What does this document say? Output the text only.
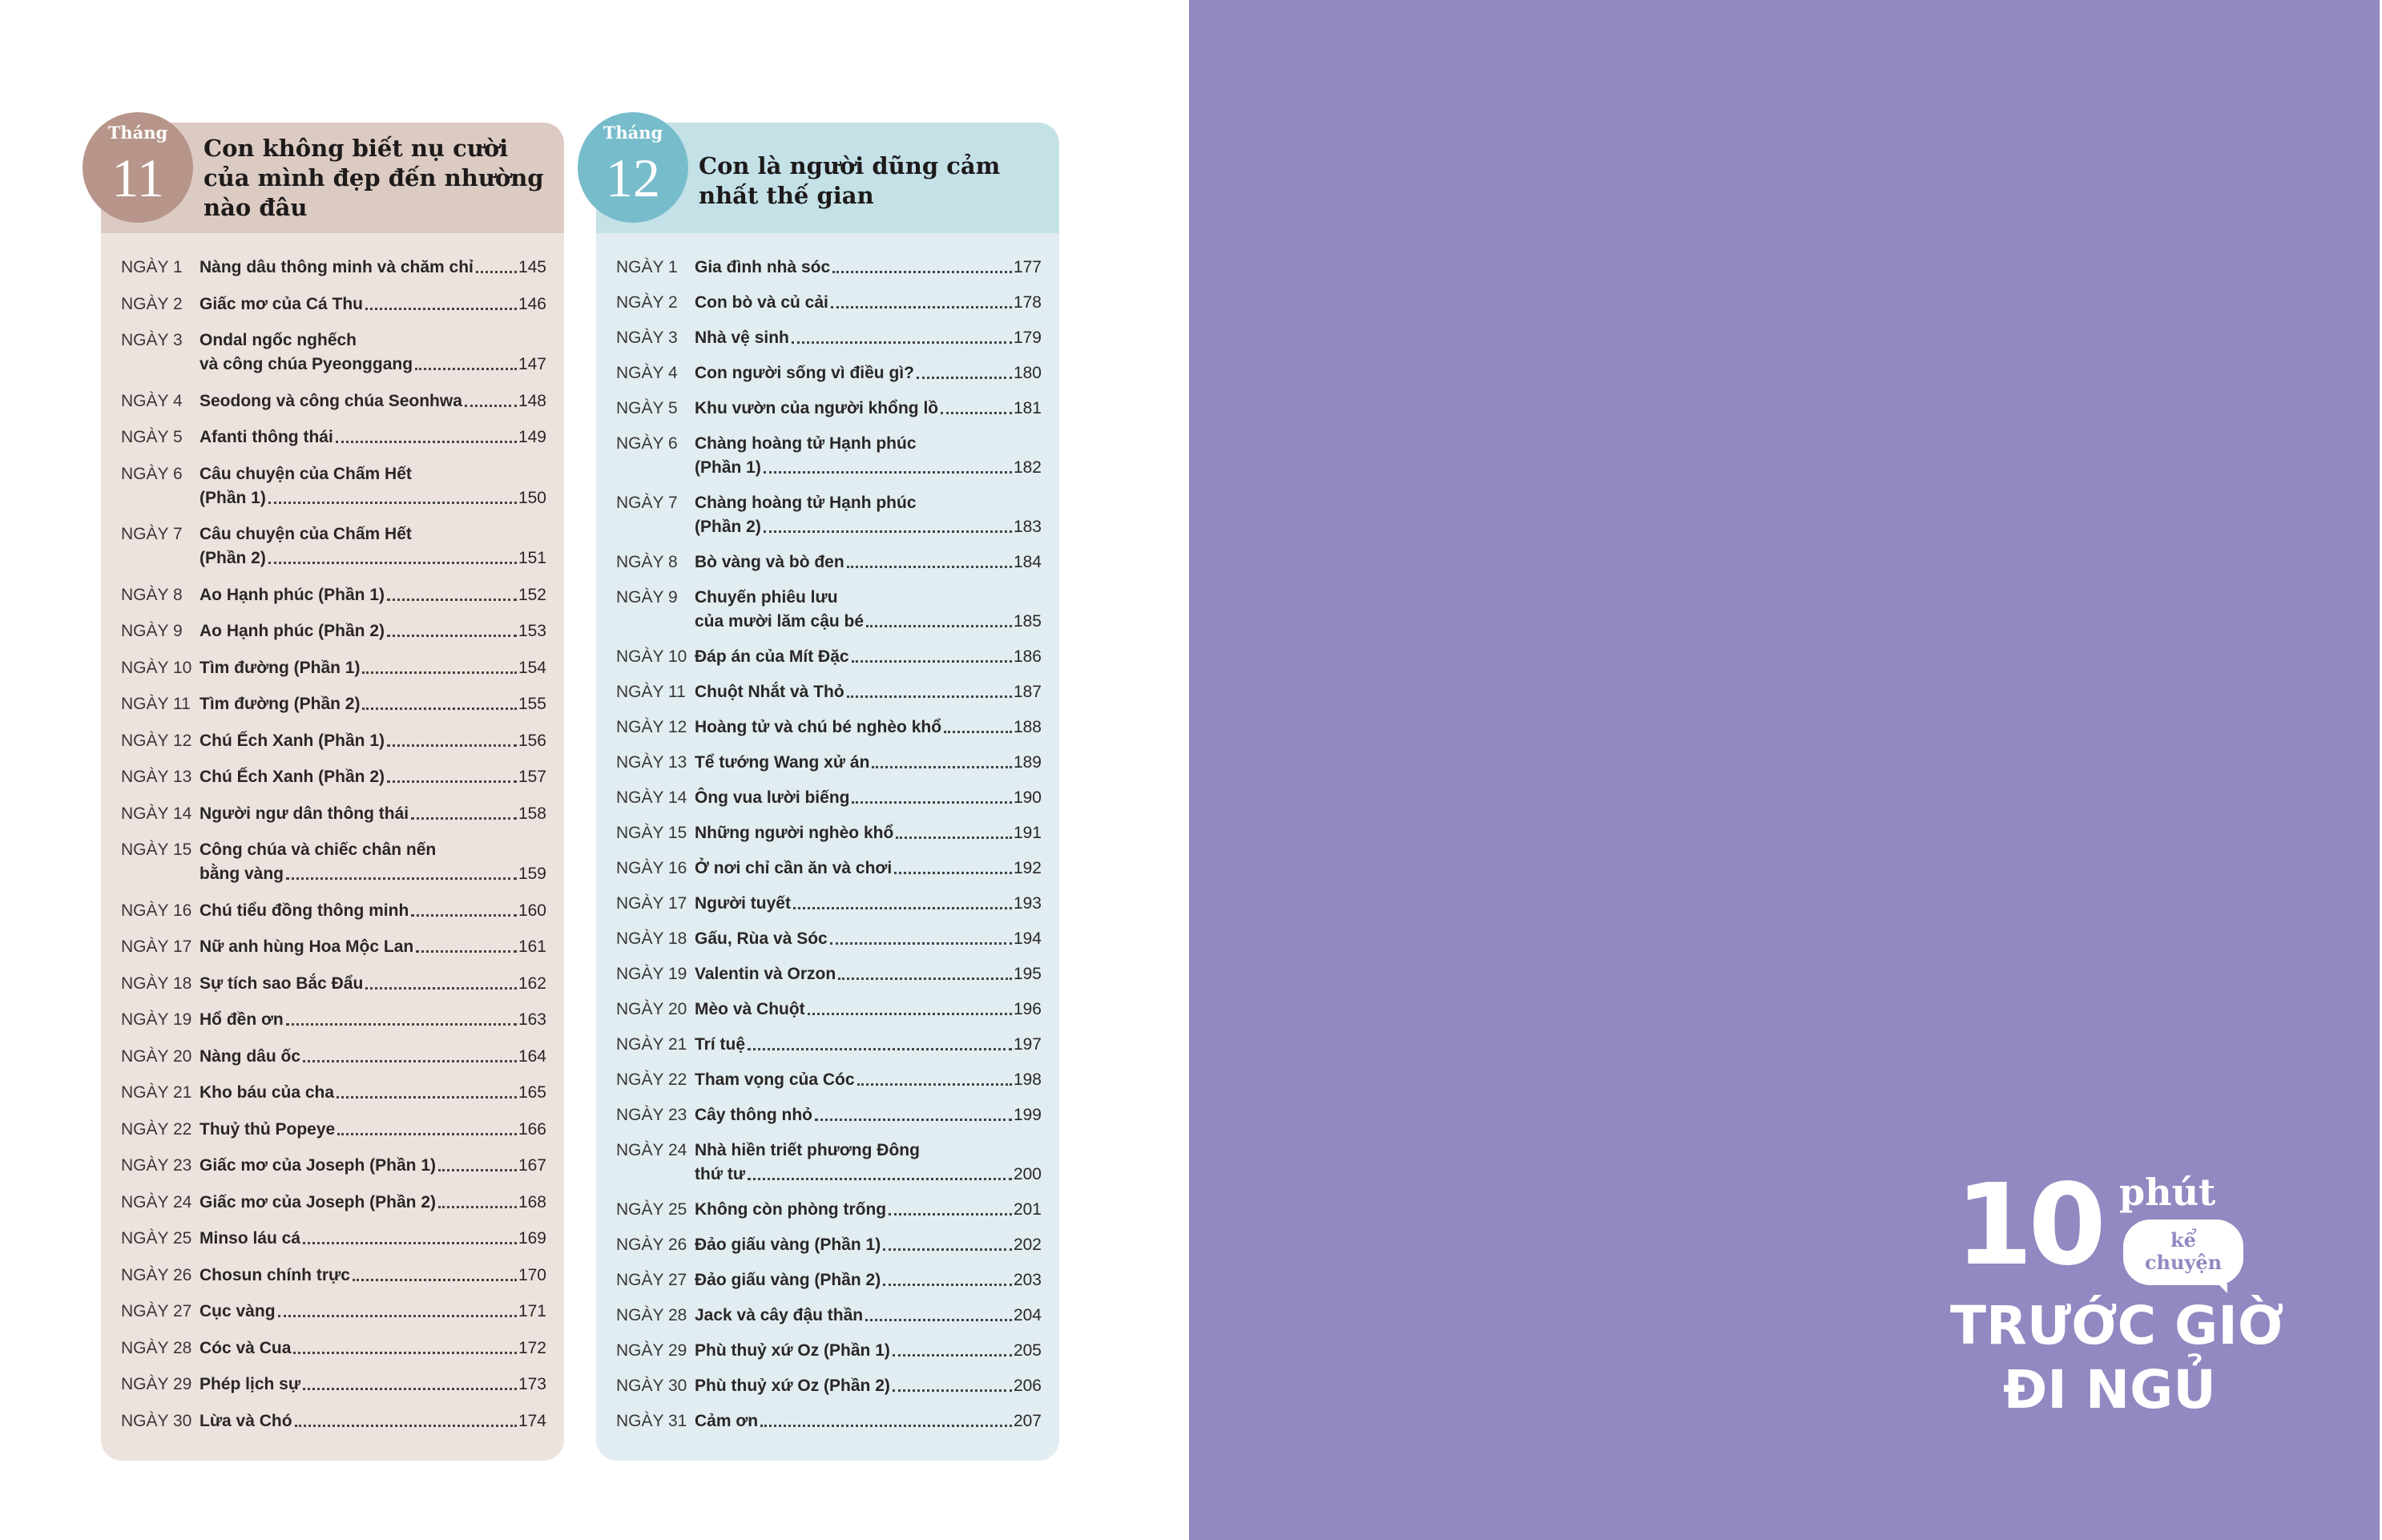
Con không biết nụ cười của mình đẹp đến nhường nào đâu
NGÀY 1	Nàng dâu thông minh và chăm chỉ	145
NGÀY 2	Giấc mơ của Cá Thu	146
NGÀY 3	Ondal ngốc nghếch
và công chúa Pyeonggang	147
NGÀY 4	Seodong và công chúa Seonhwa	148
NGÀY 5	Afanti thông thái	149
NGÀY 6	Câu chuyện của Chấm Hết
(Phần 1)	150
NGÀY 7	Câu chuyện của Chấm Hết
(Phần 2)	151
NGÀY 8	Ao Hạnh phúc (Phần 1)	152
NGÀY 9	Ao Hạnh phúc (Phần 2)	153
NGÀY 10 Tìm đường (Phần 1)	154
NGÀY 11 Tìm đường (Phần 2)	155
NGÀY 12 Chú Ếch Xanh (Phần 1)	156
NGÀY 13 Chú Ếch Xanh (Phần 2)	157
NGÀY 14 Người ngư dân thông thái	158
NGÀY 15 Công chúa và chiếc chân nến
bằng vàng	159
NGÀY 16 Chú tiểu đồng thông minh	160
NGÀY 17 Nữ anh hùng Hoa Mộc Lan	161
NGÀY 18 Sự tích sao Bắc Đẩu	162
NGÀY 19 Hổ đền ơn	163
NGÀY 20 Nàng dâu ốc	164
NGÀY 21 Kho báu của cha	165
NGÀY 22 Thuỷ thủ Popeye	166
NGÀY 23 Giấc mơ của Joseph (Phần 1)	167
NGÀY 24 Giấc mơ của Joseph (Phần 2)	168
NGÀY 25 Minso láu cá	169
NGÀY 26 Chosun chính trực	170
NGÀY 27 Cục vàng	171
NGÀY 28 Cóc và Cua	172
NGÀY 29 Phép lịch sự	173
NGÀY 30 Lừa và Chó	174
Tháng
11	Con là người dũng cảm nhất thế gian
NGÀY 1	Gia đình nhà sóc	177
NGÀY 2	Con bò và củ cải	178
NGÀY 3	Nhà vệ sinh	179
NGÀY 4	Con người sống vì điều gì?	180
NGÀY 5	Khu vườn của người khổng lồ	181
NGÀY 6	Chàng hoàng tử Hạnh phúc
(Phần 1)	182
NGÀY 7	Chàng hoàng tử Hạnh phúc
(Phần 2)	183
NGÀY 8	Bò vàng và bò đen	184
NGÀY 9	Chuyến phiêu lưu
của mười lăm cậu bé	185
NGÀY 10 Đáp án của Mít Đặc	186
NGÀY 11 Chuột Nhắt và Thỏ	187
NGÀY 12 Hoàng tử và chú bé nghèo khổ	188
NGÀY 13 Tể tướng Wang xử án	189
NGÀY 14 Ông vua lười biếng	190
NGÀY 15 Những người nghèo khổ	191
NGÀY 16 Ở nơi chỉ cần ăn và chơi	192
NGÀY 17 Người tuyết	193
NGÀY 18 Gấu, Rùa và Sóc	194
NGÀY 19 Valentin và Orzon	195
NGÀY 20 Mèo và Chuột	196
NGÀY 21 Trí tuệ	197
NGÀY 22 Tham vọng của Cóc	198
NGÀY 23 Cây thông nhỏ	199
NGÀY 24 Nhà hiền triết phương Đông
thứ tư	200
NGÀY 25 Không còn phòng trống	201
NGÀY 26 Đảo giấu vàng (Phần 1)	202
NGÀY 27 Đảo giấu vàng (Phần 2)	203
NGÀY 28 Jack và cây đậu thần	204
NGÀY 29 Phù thuỷ xứ Oz (Phần 1)	205
NGÀY 30 Phù thuỷ xứ Oz (Phần 2)	206
NGÀY 31 Cảm ơn	207
Tháng
12
10 phút
kể
chuyện
TRƯỚC GIỜ
ĐI NGỦ
